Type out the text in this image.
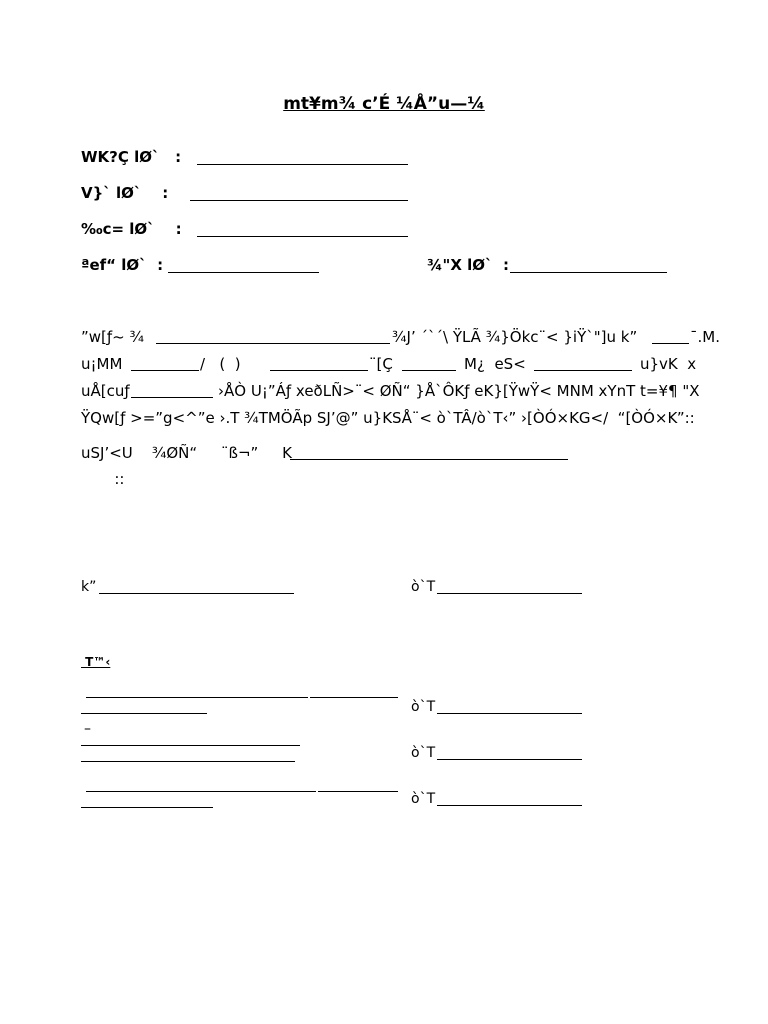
mt¥m¾ c’É ¼Å”u—¼
WK?Ç lØ`   :
V}` lØ`    :
‰c= lØ`    :
ªef“ lØ`  :	¾"X lØ`  :
”w[ƒ~ ¾	¾J’ ´`´\ ŸLÃ ¾}Ökc¨< }iŸ`"]u k”	¯.M.
u¡MM	/   (  )	¨[Ç	M¿  eS<	u}vK  x
uÅ[cuƒ	›ÅÒ U¡”Áƒ xeðLÑ>¨< ØÑ“ }Å`ÔKƒ eK}[ŸwŸ< MNM xYnT t=¥¶ "X
ŸQw[ƒ >=”g<^”e ›.T ¾TMÖÃp SJ’@” u}KSÅ¨< ò`TÂ/ò`T‹” ›[ÒÓ×KG</  “[ÒÓ×K”::
uSJ’<U    ¾ØÑ“     ¨ß¬”     K

::
k”	ò`T
T™‹
ò`T
–
ò`T
ò`T
